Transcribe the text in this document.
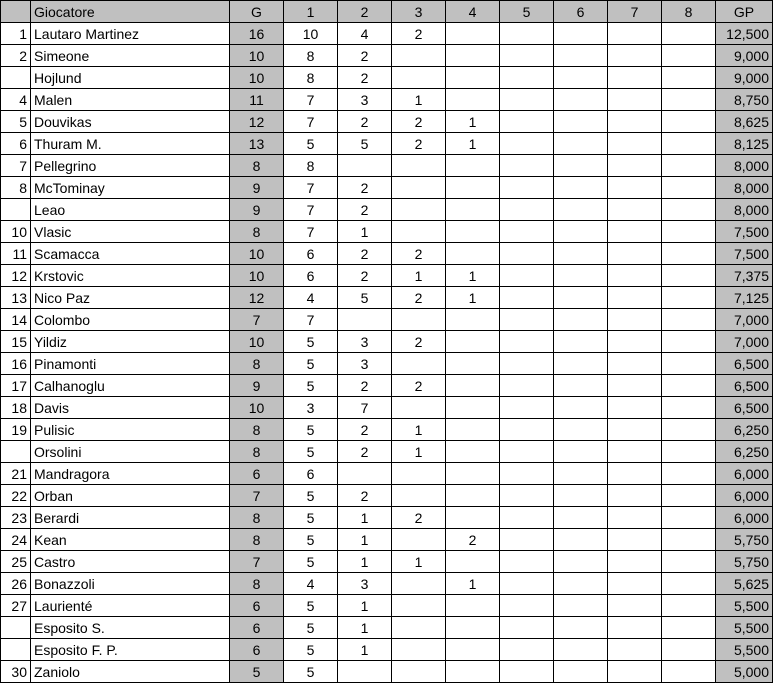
	Giocatore	G	1	2	3	4	5	6	7	8	GP
1	Lautaro Martinez	16	10	4	2						12,500
2	Simeone	10	8	2							9,000
	Hojlund	10	8	2							9,000
4	Malen	11	7	3	1						8,750
5	Douvikas	12	7	2	2	1					8,625
6	Thuram M.	13	5	5	2	1					8,125
7	Pellegrino	8	8								8,000
8	McTominay	9	7	2							8,000
	Leao	9	7	2							8,000
10	Vlasic	8	7	1							7,500
11	Scamacca	10	6	2	2						7,500
12	Krstovic	10	6	2	1	1					7,375
13	Nico Paz	12	4	5	2	1					7,125
14	Colombo	7	7								7,000
15	Yildiz	10	5	3	2						7,000
16	Pinamonti	8	5	3							6,500
17	Calhanoglu	9	5	2	2						6,500
18	Davis	10	3	7							6,500
19	Pulisic	8	5	2	1						6,250
	Orsolini	8	5	2	1						6,250
21	Mandragora	6	6								6,000
22	Orban	7	5	2							6,000
23	Berardi	8	5	1	2						6,000
24	Kean	8	5	1		2					5,750
25	Castro	7	5	1	1						5,750
26	Bonazzoli	8	4	3		1					5,625
27	Laurienté	6	5	1							5,500
	Esposito S.	6	5	1							5,500
	Esposito F. P.	6	5	1							5,500
30	Zaniolo	5	5								5,000
